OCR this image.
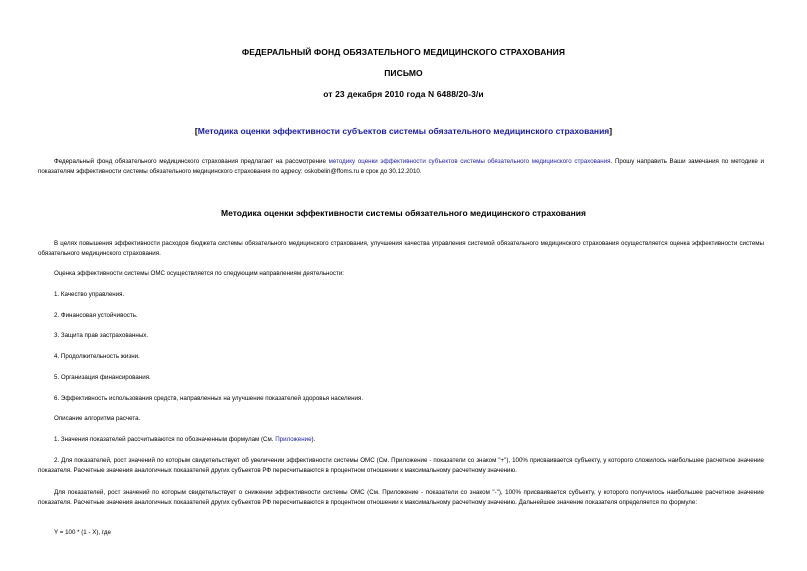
ФЕДЕРАЛЬНЫЙ ФОНД ОБЯЗАТЕЛЬНОГО МЕДИЦИНСКОГО СТРАХОВАНИЯ
ПИСЬМО
от 23 декабря 2010 года N 6488/20-3/и
[Методика оценки эффективности субъектов системы обязательного медицинского страхования]
Федеральный фонд обязательного медицинского страхования предлагает на рассмотрение методику оценки эффективности субъектов системы обязательного медицинского страхования. Прошу направить Ваши замечания по методике и показателям эффективности системы обязательного медицинского страхования по адресу: oskobelin@ffoms.ru в срок до 30.12.2010.
Методика оценки эффективности системы обязательного медицинского страхования
В целях повышения эффективности расходов бюджета системы обязательного медицинского страхования, улучшения качества управления системой обязательного медицинского страхования осуществляется оценка эффективности системы обязательного медицинского страхования.
Оценка эффективности системы ОМС осуществляется по следующим направлениям деятельности:
1. Качество управления.
2. Финансовая устойчивость.
3. Защита прав застрахованных.
4. Продолжительность жизни.
5. Организация финансирования.
6. Эффективность использования средств, направленных на улучшение показателей здоровья населения.
Описание алгоритма расчета.
1. Значения показателей рассчитываются по обозначенным формулам (См. Приложение).
2. Для показателей, рост значений по которым свидетельствует об увеличении эффективности системы ОМС (См. Приложение - показатели со знаком "+"), 100% присваивается субъекту, у которого сложилось наибольшее расчетное значение показателя. Расчетные значения аналогичных показателей других субъектов РФ пересчитываются в процентном отношении к максимальному расчетному значению.
Для показателей, рост значений по которым свидетельствует о снижении эффективности системы ОМС (См. Приложение - показатели со знаком "-"), 100% присваивается субъекту, у которого получилось наибольшее расчетное значение показателя. Расчетные значения аналогичных показателей других субъектов РФ пересчитываются в процентном отношении к максимальному расчетному значению. Дальнейшее значение показателя определяется по формуле:
Y = 100 * (1 - X), где
